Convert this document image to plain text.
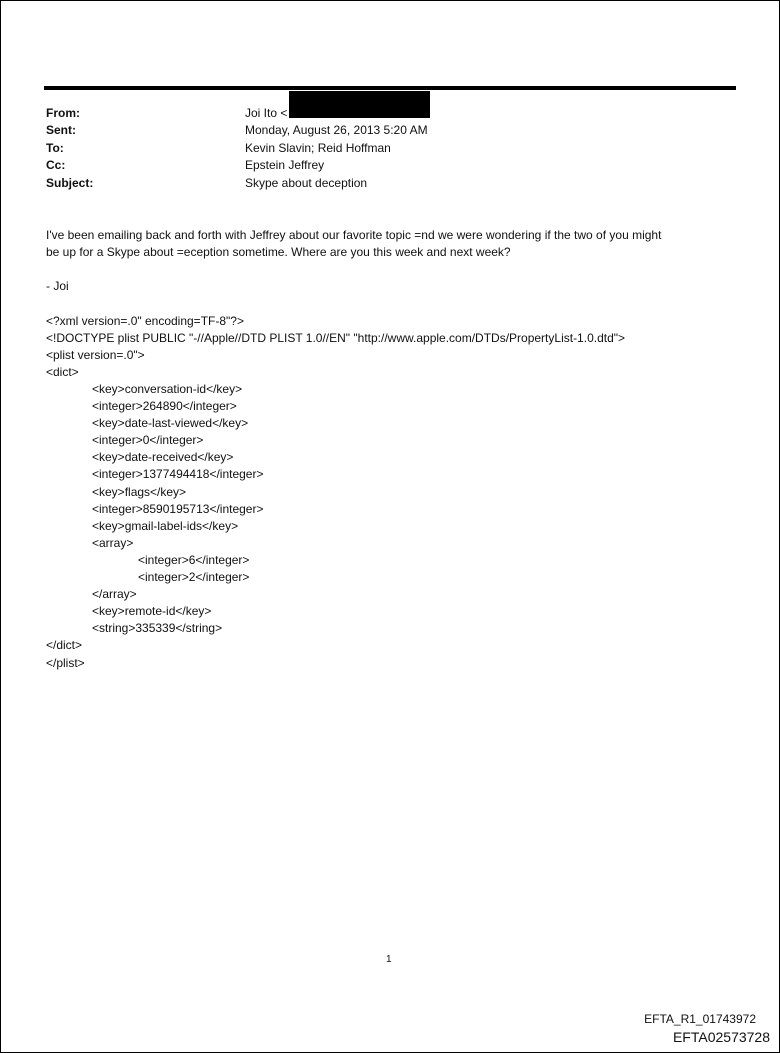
From:	Joi Ito <
Sent:	Monday, August 26, 2013 5:20 AM
To:	Kevin Slavin; Reid Hoffman
Cc:	Epstein Jeffrey
Subject:	Skype about deception
I've been emailing back and forth with Jeffrey about our favorite topic =nd we were wondering if the two of you might
be up for a Skype about =eception sometime. Where are you this week and next week?
- Joi
<?xml version=.0" encoding=TF-8"?>
<!DOCTYPE plist PUBLIC "-//Apple//DTD PLIST 1.0//EN" "http://www.apple.com/DTDs/PropertyList-1.0.dtd">
<plist version=.0">
<dict>
<key>conversation-id</key>
<integer>264890</integer>
<key>date-last-viewed</key>
<integer>0</integer>
<key>date-received</key>
<integer>1377494418</integer>
<key>flags</key>
<integer>8590195713</integer>
<key>gmail-label-ids</key>
<array>
<integer>6</integer>
<integer>2</integer>
</array>
<key>remote-id</key>
<string>335339</string>
</dict>
</plist>
1
EFTA_R1_01743972
EFTA02573728
